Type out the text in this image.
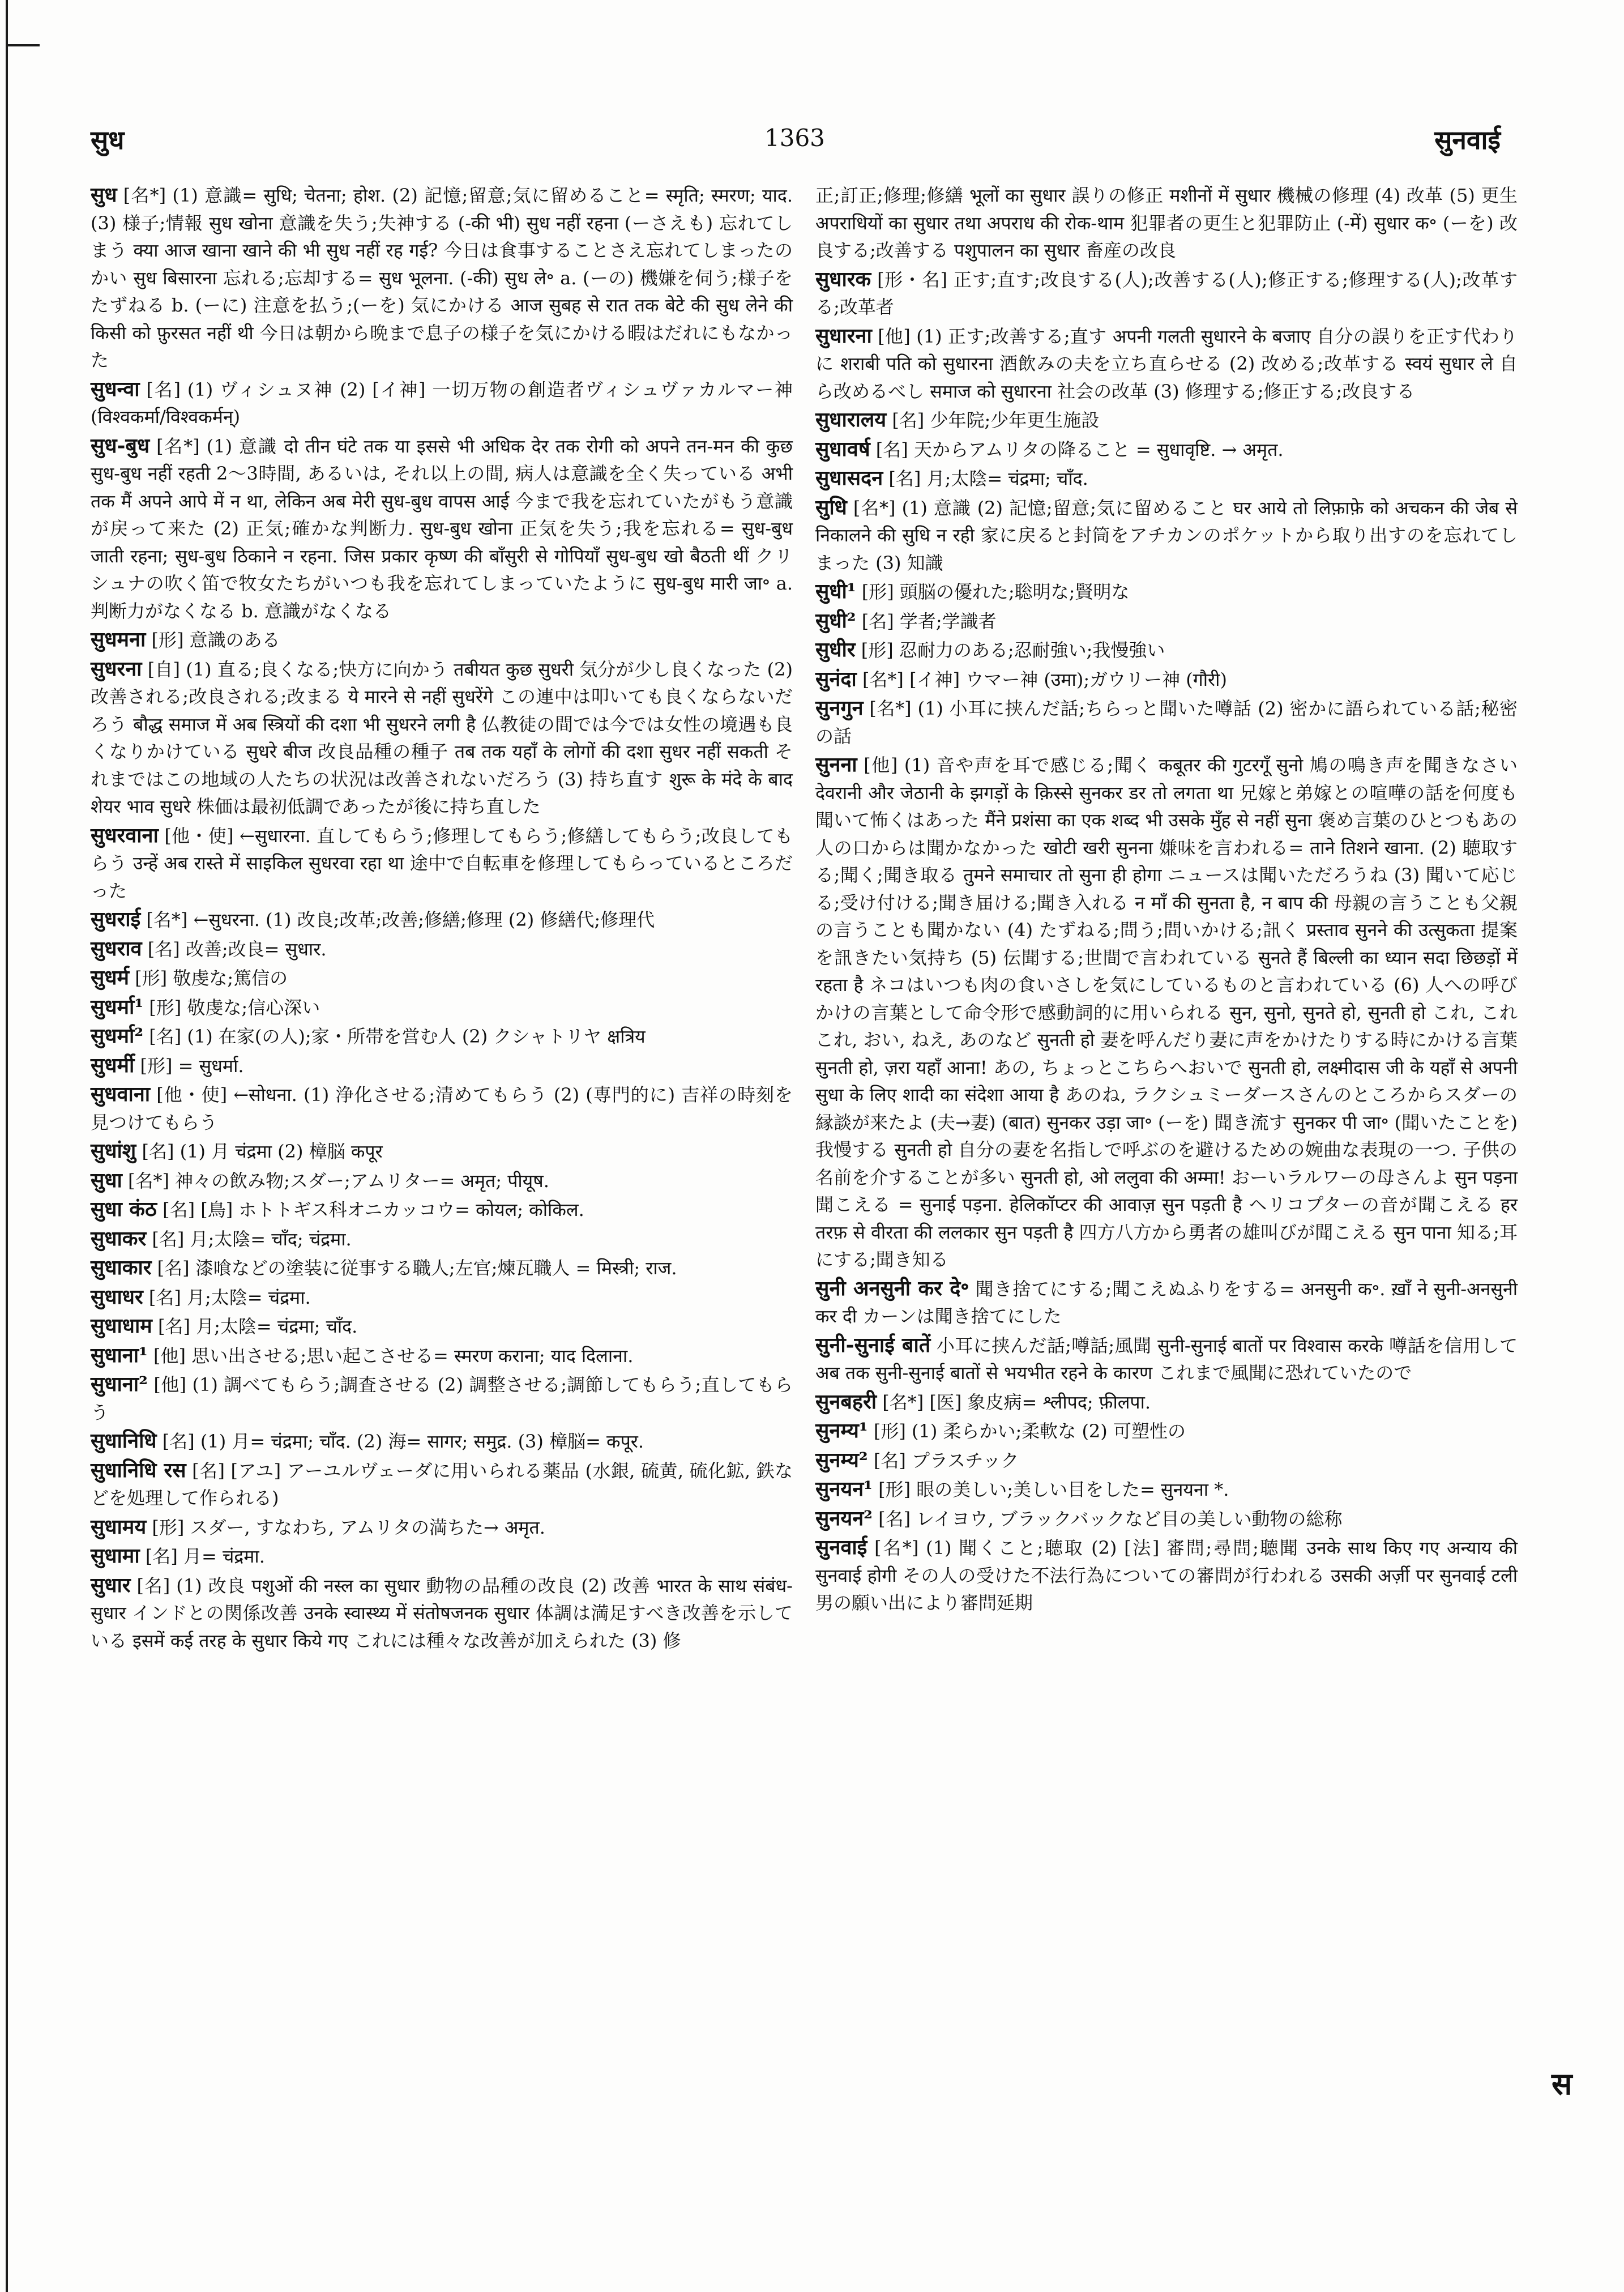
सुध	1363	सुनवाई

सुध [名*] (1) 意識= सुधि; चेतना; होश. (2) 記憶;留意;気に留めること= स्मृति; स्मरण; याद. (3) 様子;情報 सुध खोना 意識を失う;失神する (-की भी) सुध नहीं रहना (ーさえも) 忘れてしまう क्या आज खाना खाने की भी सुध नहीं रह गई? 今日は食事することさえ忘れてしまったのかい सुध बिसारना 忘れる;忘却する= सुध भूलना. (-की) सुध ले॰ a. (ーの) 機嫌を伺う;様子をたずねる b. (ーに) 注意を払う;(ーを) 気にかける आज सुबह से रात तक बेटे की सुध लेने की किसी को फ़ुरसत नहीं थी 今日は朝から晩まで息子の様子を気にかける暇はだれにもなかった

सुधन्वा [名] (1) ヴィシュヌ神 (2) [イ神] 一切万物の創造者ヴィシュヴァカルマー神 (विश्वकर्मा/विश्वकर्मन्)

सुध-बुध [名*] (1) 意識 दो तीन घंटे तक या इससे भी अधिक देर तक रोगी को अपने तन-मन की कुछ सुध-बुध नहीं रहती 2～3時間, あるいは, それ以上の間, 病人は意識を全く失っている अभी तक मैं अपने आपे में न था, लेकिन अब मेरी सुध-बुध वापस आई 今まで我を忘れていたがもう意識が戻って来た (2) 正気;確かな判断力. सुध-बुध खोना 正気を失う;我を忘れる= सुध-बुध जाती रहना; सुध-बुध ठिकाने न रहना. जिस प्रकार कृष्ण की बाँसुरी से गोपियाँ सुध-बुध खो बैठती थीं クリシュナの吹く笛で牧女たちがいつも我を忘れてしまっていたように सुध-बुध मारी जा॰ a. 判断力がなくなる b. 意識がなくなる

सुधमना [形] 意識のある

सुधरना [自] (1) 直る;良くなる;快方に向かう तबीयत कुछ सुधरी 気分が少し良くなった (2) 改善される;改良される;改まる ये मारने से नहीं सुधरेंगे この連中は叩いても良くならないだろう बौद्ध समाज में अब स्त्रियों की दशा भी सुधरने लगी है 仏教徒の間では今では女性の境遇も良くなりかけている सुधरे बीज 改良品種の種子 तब तक यहाँ के लोगों की दशा सुधर नहीं सकती それまではこの地域の人たちの状況は改善されないだろう (3) 持ち直す शुरू के मंदे के बाद शेयर भाव सुधरे 株価は最初低調であったが後に持ち直した

सुधरवाना [他・使] ←सुधारना. 直してもらう;修理してもらう;修繕してもらう;改良してもらう उन्हें अब रास्ते में साइकिल सुधरवा रहा था 途中で自転車を修理してもらっているところだった

सुधराई [名*] ←सुधरना. (1) 改良;改革;改善;修繕;修理 (2) 修繕代;修理代

सुधराव [名] 改善;改良= सुधार.

सुधर्म [形] 敬虔な;篤信の

सुधर्मा¹ [形] 敬虔な;信心深い

सुधर्मा² [名] (1) 在家(の人);家・所帯を営む人 (2) クシャトリヤ क्षत्रिय

सुधर्मी [形] = सुधर्मा.

सुधवाना [他・使] ←सोधना. (1) 浄化させる;清めてもらう (2) (専門的に) 吉祥の時刻を見つけてもらう

सुधांशु [名] (1) 月 चंद्रमा (2) 樟脳 कपूर

सुधा [名*] 神々の飲み物;スダー;アムリター= अमृत; पीयूष.

सुधा कंठ [名] [鳥] ホトトギス科オニカッコウ= कोयल; कोकिल.

सुधाकर [名] 月;太陰= चाँद; चंद्रमा.

सुधाकार [名] 漆喰などの塗装に従事する職人;左官;煉瓦職人 = मिस्त्री; राज.

सुधाधर [名] 月;太陰= चंद्रमा.

सुधाधाम [名] 月;太陰= चंद्रमा; चाँद.

सुधाना¹ [他] 思い出させる;思い起こさせる= स्मरण कराना; याद दिलाना.

सुधाना² [他] (1) 調べてもらう;調査させる (2) 調整させる;調節してもらう;直してもらう

सुधानिधि [名] (1) 月= चंद्रमा; चाँद. (2) 海= सागर; समुद्र. (3) 樟脳= कपूर.

सुधानिधि रस [名] [アユ] アーユルヴェーダに用いられる薬品 (水銀, 硫黄, 硫化鉱, 鉄などを処理して作られる)

सुधामय [形] スダー, すなわち, アムリタの満ちた→ अमृत.

सुधामा [名] 月= चंद्रमा.

सुधार [名] (1) 改良 पशुओं की नस्ल का सुधार 動物の品種の改良 (2) 改善 भारत के साथ संबंध-सुधार インドとの関係改善 उनके स्वास्थ्य में संतोषजनक सुधार 体調は満足すべき改善を示している इसमें कई तरह के सुधार किये गए これには種々な改善が加えられた (3) 修

正;訂正;修理;修繕 भूलों का सुधार 誤りの修正 मशीनों में सुधार 機械の修理 (4) 改革 (5) 更生 अपराधियों का सुधार तथा अपराध की रोक-थाम 犯罪者の更生と犯罪防止 (-में) सुधार क॰ (ーを) 改良する;改善する पशुपालन का सुधार 畜産の改良

सुधारक [形・名] 正す;直す;改良する(人);改善する(人);修正する;修理する(人);改革する;改革者

सुधारना [他] (1) 正す;改善する;直す अपनी गलती सुधारने के बजाए 自分の誤りを正す代わりに शराबी पति को सुधारना 酒飲みの夫を立ち直らせる (2) 改める;改革する स्वयं सुधार ले 自ら改めるべし समाज को सुधारना 社会の改革 (3) 修理する;修正する;改良する

सुधारालय [名] 少年院;少年更生施設

सुधावर्ष [名] 天からアムリタの降ること = सुधावृष्टि. → अमृत.

सुधासदन [名] 月;太陰= चंद्रमा; चाँद.

सुधि [名*] (1) 意識 (2) 記憶;留意;気に留めること घर आये तो लिफ़ाफ़े को अचकन की जेब से निकालने की सुधि न रही 家に戻ると封筒をアチカンのポケットから取り出すのを忘れてしまった (3) 知識

सुधी¹ [形] 頭脳の優れた;聡明な;賢明な

सुधी² [名] 学者;学識者

सुधीर [形] 忍耐力のある;忍耐強い;我慢強い

सुनंदा [名*] [イ神] ウマー神 (उमा);ガウリー神 (गौरी)

सुनगुन [名*] (1) 小耳に挟んだ話;ちらっと聞いた噂話 (2) 密かに語られている話;秘密の話

सुनना [他] (1) 音や声を耳で感じる;聞く कबूतर की गुटरगूँ सुनो 鳩の鳴き声を聞きなさい देवरानी और जेठानी के झगड़ों के क़िस्से सुनकर डर तो लगता था 兄嫁と弟嫁との喧嘩の話を何度も聞いて怖くはあった मैंने प्रशंसा का एक शब्द भी उसके मुँह से नहीं सुना 褒め言葉のひとつもあの人の口からは聞かなかった खोटी खरी सुनना 嫌味を言われる= ताने तिशने खाना. (2) 聴取する;聞く;聞き取る तुमने समाचार तो सुना ही होगा ニュースは聞いただろうね (3) 聞いて応じる;受け付ける;聞き届ける;聞き入れる न माँ की सुनता है, न बाप की 母親の言うことも父親の言うことも聞かない (4) たずねる;問う;問いかける;訊く प्रस्ताव सुनने की उत्सुकता 提案を訊きたい気持ち (5) 伝聞する;世間で言われている सुनते हैं बिल्ली का ध्यान सदा छिछड़ों में रहता है ネコはいつも肉の食いさしを気にしているものと言われている (6) 人への呼びかけの言葉として命令形で感動詞的に用いられる सुन, सुनो, सुनते हो, सुनती हो これ, これこれ, おい, ねえ, あのなど सुनती हो 妻を呼んだり妻に声をかけたりする時にかける言葉 सुनती हो, ज़रा यहाँ आना! あの, ちょっとこちらへおいで सुनती हो, लक्ष्मीदास जी के यहाँ से अपनी सुधा के लिए शादी का संदेशा आया है あのね, ラクシュミーダースさんのところからスダーの縁談が来たよ (夫→妻) (बात) सुनकर उड़ा जा॰ (ーを) 聞き流す सुनकर पी जा॰ (聞いたことを) 我慢する सुनती हो 自分の妻を名指しで呼ぶのを避けるための婉曲な表現の一つ. 子供の名前を介することが多い सुनती हो, ओ ललुवा की अम्मा! おーいラルワーの母さんよ सुन पड़ना 聞こえる = सुनाई पड़ना. हेलिकॉप्टर की आवाज़ सुन पड़ती है ヘリコプターの音が聞こえる हर तरफ़ से वीरता की ललकार सुन पड़ती है 四方八方から勇者の雄叫びが聞こえる सुन पाना 知る;耳にする;聞き知る

सुनी अनसुनी कर दे॰ 聞き捨てにする;聞こえぬふりをする= अनसुनी क॰. ख़ाँ ने सुनी-अनसुनी कर दी カーンは聞き捨てにした

सुनी-सुनाई बातें 小耳に挟んだ話;噂話;風聞 सुनी-सुनाई बातों पर विश्वास करके 噂話を信用して अब तक सुनी-सुनाई बातों से भयभीत रहने के कारण これまで風聞に恐れていたので

सुनबहरी [名*] [医] 象皮病= श्लीपद; फ़ीलपा.

सुनम्य¹ [形] (1) 柔らかい;柔軟な (2) 可塑性の

सुनम्य² [名] プラスチック

सुनयन¹ [形] 眼の美しい;美しい目をした= सुनयना *.

सुनयन² [名] レイヨウ, ブラックバックなど目の美しい動物の総称

सुनवाई [名*] (1) 聞くこと;聴取 (2) [法] 審問;尋問;聴聞 उनके साथ किए गए अन्याय की सुनवाई होगी その人の受けた不法行為についての審問が行われる उसकी अर्ज़ी पर सुनवाई टली 男の願い出により審問延期

स
